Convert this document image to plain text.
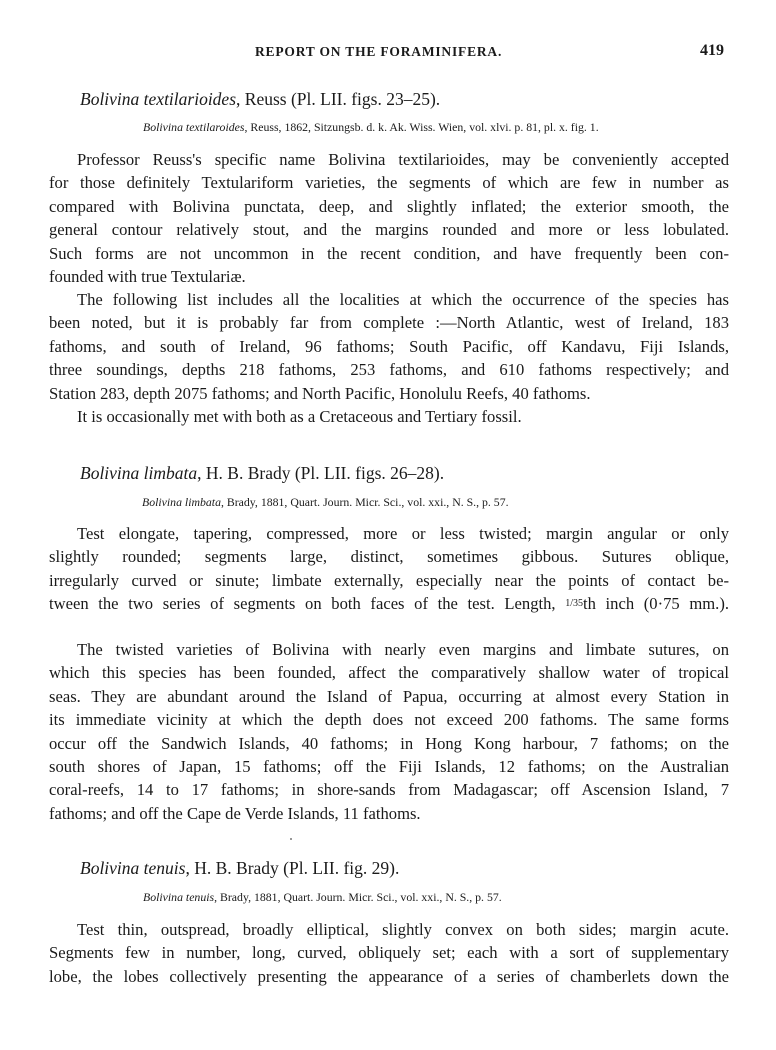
REPORT ON THE FORAMINIFERA.	419
Bolivina textilarioides, Reuss (Pl. LII. figs. 23–25).
Bolivina textilaroides, Reuss, 1862, Sitzungsb. d. k. Ak. Wiss. Wien, vol. xlvi. p. 81, pl. x. fig. 1.
Professor Reuss's specific name Bolivina textilarioides, may be conveniently accepted
for those definitely Textulariform varieties, the segments of which are few in number as
compared with Bolivina punctata, deep, and slightly inflated; the exterior smooth, the
general contour relatively stout, and the margins rounded and more or less lobulated.
Such forms are not uncommon in the recent condition, and have frequently been con-
founded with true Textulariæ.
The following list includes all the localities at which the occurrence of the species has
been noted, but it is probably far from complete :—North Atlantic, west of Ireland, 183
fathoms, and south of Ireland, 96 fathoms; South Pacific, off Kandavu, Fiji Islands,
three soundings, depths 218 fathoms, 253 fathoms, and 610 fathoms respectively; and
Station 283, depth 2075 fathoms; and North Pacific, Honolulu Reefs, 40 fathoms.
It is occasionally met with both as a Cretaceous and Tertiary fossil.
Bolivina limbata, H. B. Brady (Pl. LII. figs. 26–28).
Bolivina limbata, Brady, 1881, Quart. Journ. Micr. Sci., vol. xxi., N. S., p. 57.
Test elongate, tapering, compressed, more or less twisted; margin angular or only
slightly rounded; segments large, distinct, sometimes gibbous. Sutures oblique,
irregularly curved or sinute; limbate externally, especially near the points of contact be-
tween the two series of segments on both faces of the test. Length, 1/35th inch (0·75 mm.).
The twisted varieties of Bolivina with nearly even margins and limbate sutures, on
which this species has been founded, affect the comparatively shallow water of tropical
seas. They are abundant around the Island of Papua, occurring at almost every Station in
its immediate vicinity at which the depth does not exceed 200 fathoms. The same forms
occur off the Sandwich Islands, 40 fathoms; in Hong Kong harbour, 7 fathoms; on the
south shores of Japan, 15 fathoms; off the Fiji Islands, 12 fathoms; on the Australian
coral-reefs, 14 to 17 fathoms; in shore-sands from Madagascar; off Ascension Island, 7
fathoms; and off the Cape de Verde Islands, 11 fathoms.
Bolivina tenuis, H. B. Brady (Pl. LII. fig. 29).
Bolivina tenuis, Brady, 1881, Quart. Journ. Micr. Sci., vol. xxi., N. S., p. 57.
Test thin, outspread, broadly elliptical, slightly convex on both sides; margin acute.
Segments few in number, long, curved, obliquely set; each with a sort of supplementary
lobe, the lobes collectively presenting the appearance of a series of chamberlets down the
